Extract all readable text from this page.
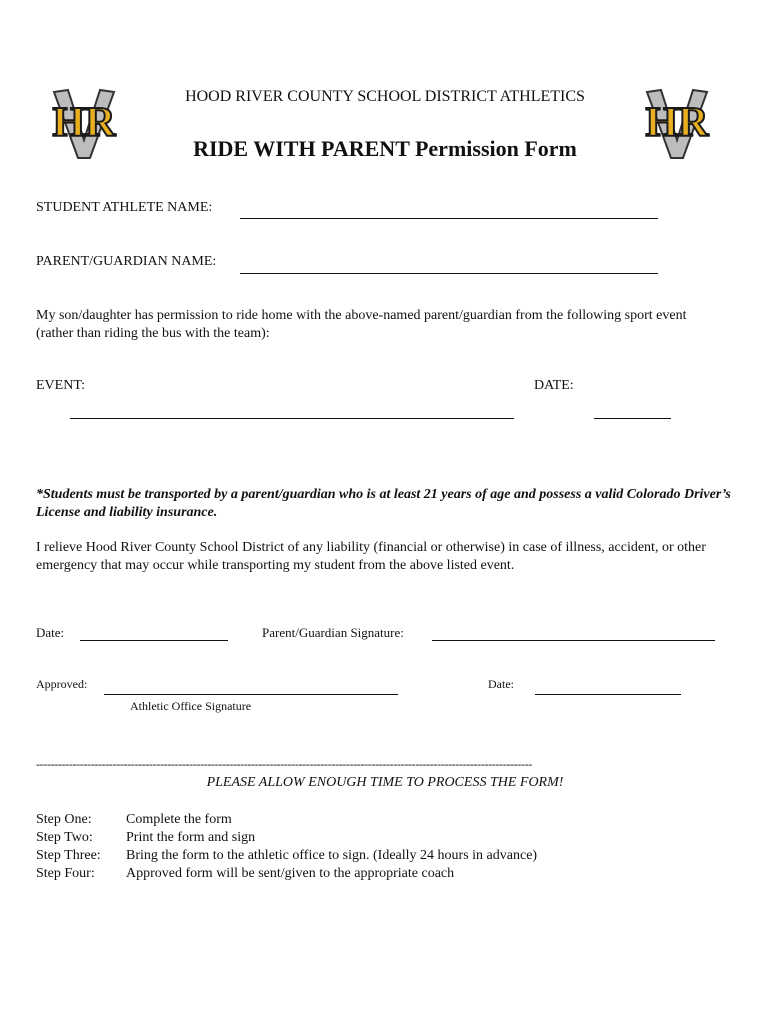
HR	HR
HOOD RIVER COUNTY SCHOOL DISTRICT ATHLETICS
RIDE WITH PARENT Permission Form
STUDENT ATHLETE NAME:
PARENT/GUARDIAN NAME:
My son/daughter has permission to ride home with the above-named parent/guardian from the following sport event (rather than riding the bus with the team):
EVENT:	DATE:
*Students must be transported by a parent/guardian who is at least 21 years of age and possess a valid Colorado Driver’s License and liability insurance.
I relieve Hood River County School District of any liability (financial or otherwise) in case of illness, accident, or other emergency that may occur while transporting my student from the above listed event.
Date:	Parent/Guardian Signature:
Approved:	Date:
Athletic Office Signature
----------------------------------------------------------------------------------------------------------------------------------------
PLEASE ALLOW ENOUGH TIME TO PROCESS THE FORM!
Step One:	Complete the form
Step Two:	Print the form and sign
Step Three:	Bring the form to the athletic office to sign. (Ideally 24 hours in advance)
Step Four:	Approved form will be sent/given to the appropriate coach
